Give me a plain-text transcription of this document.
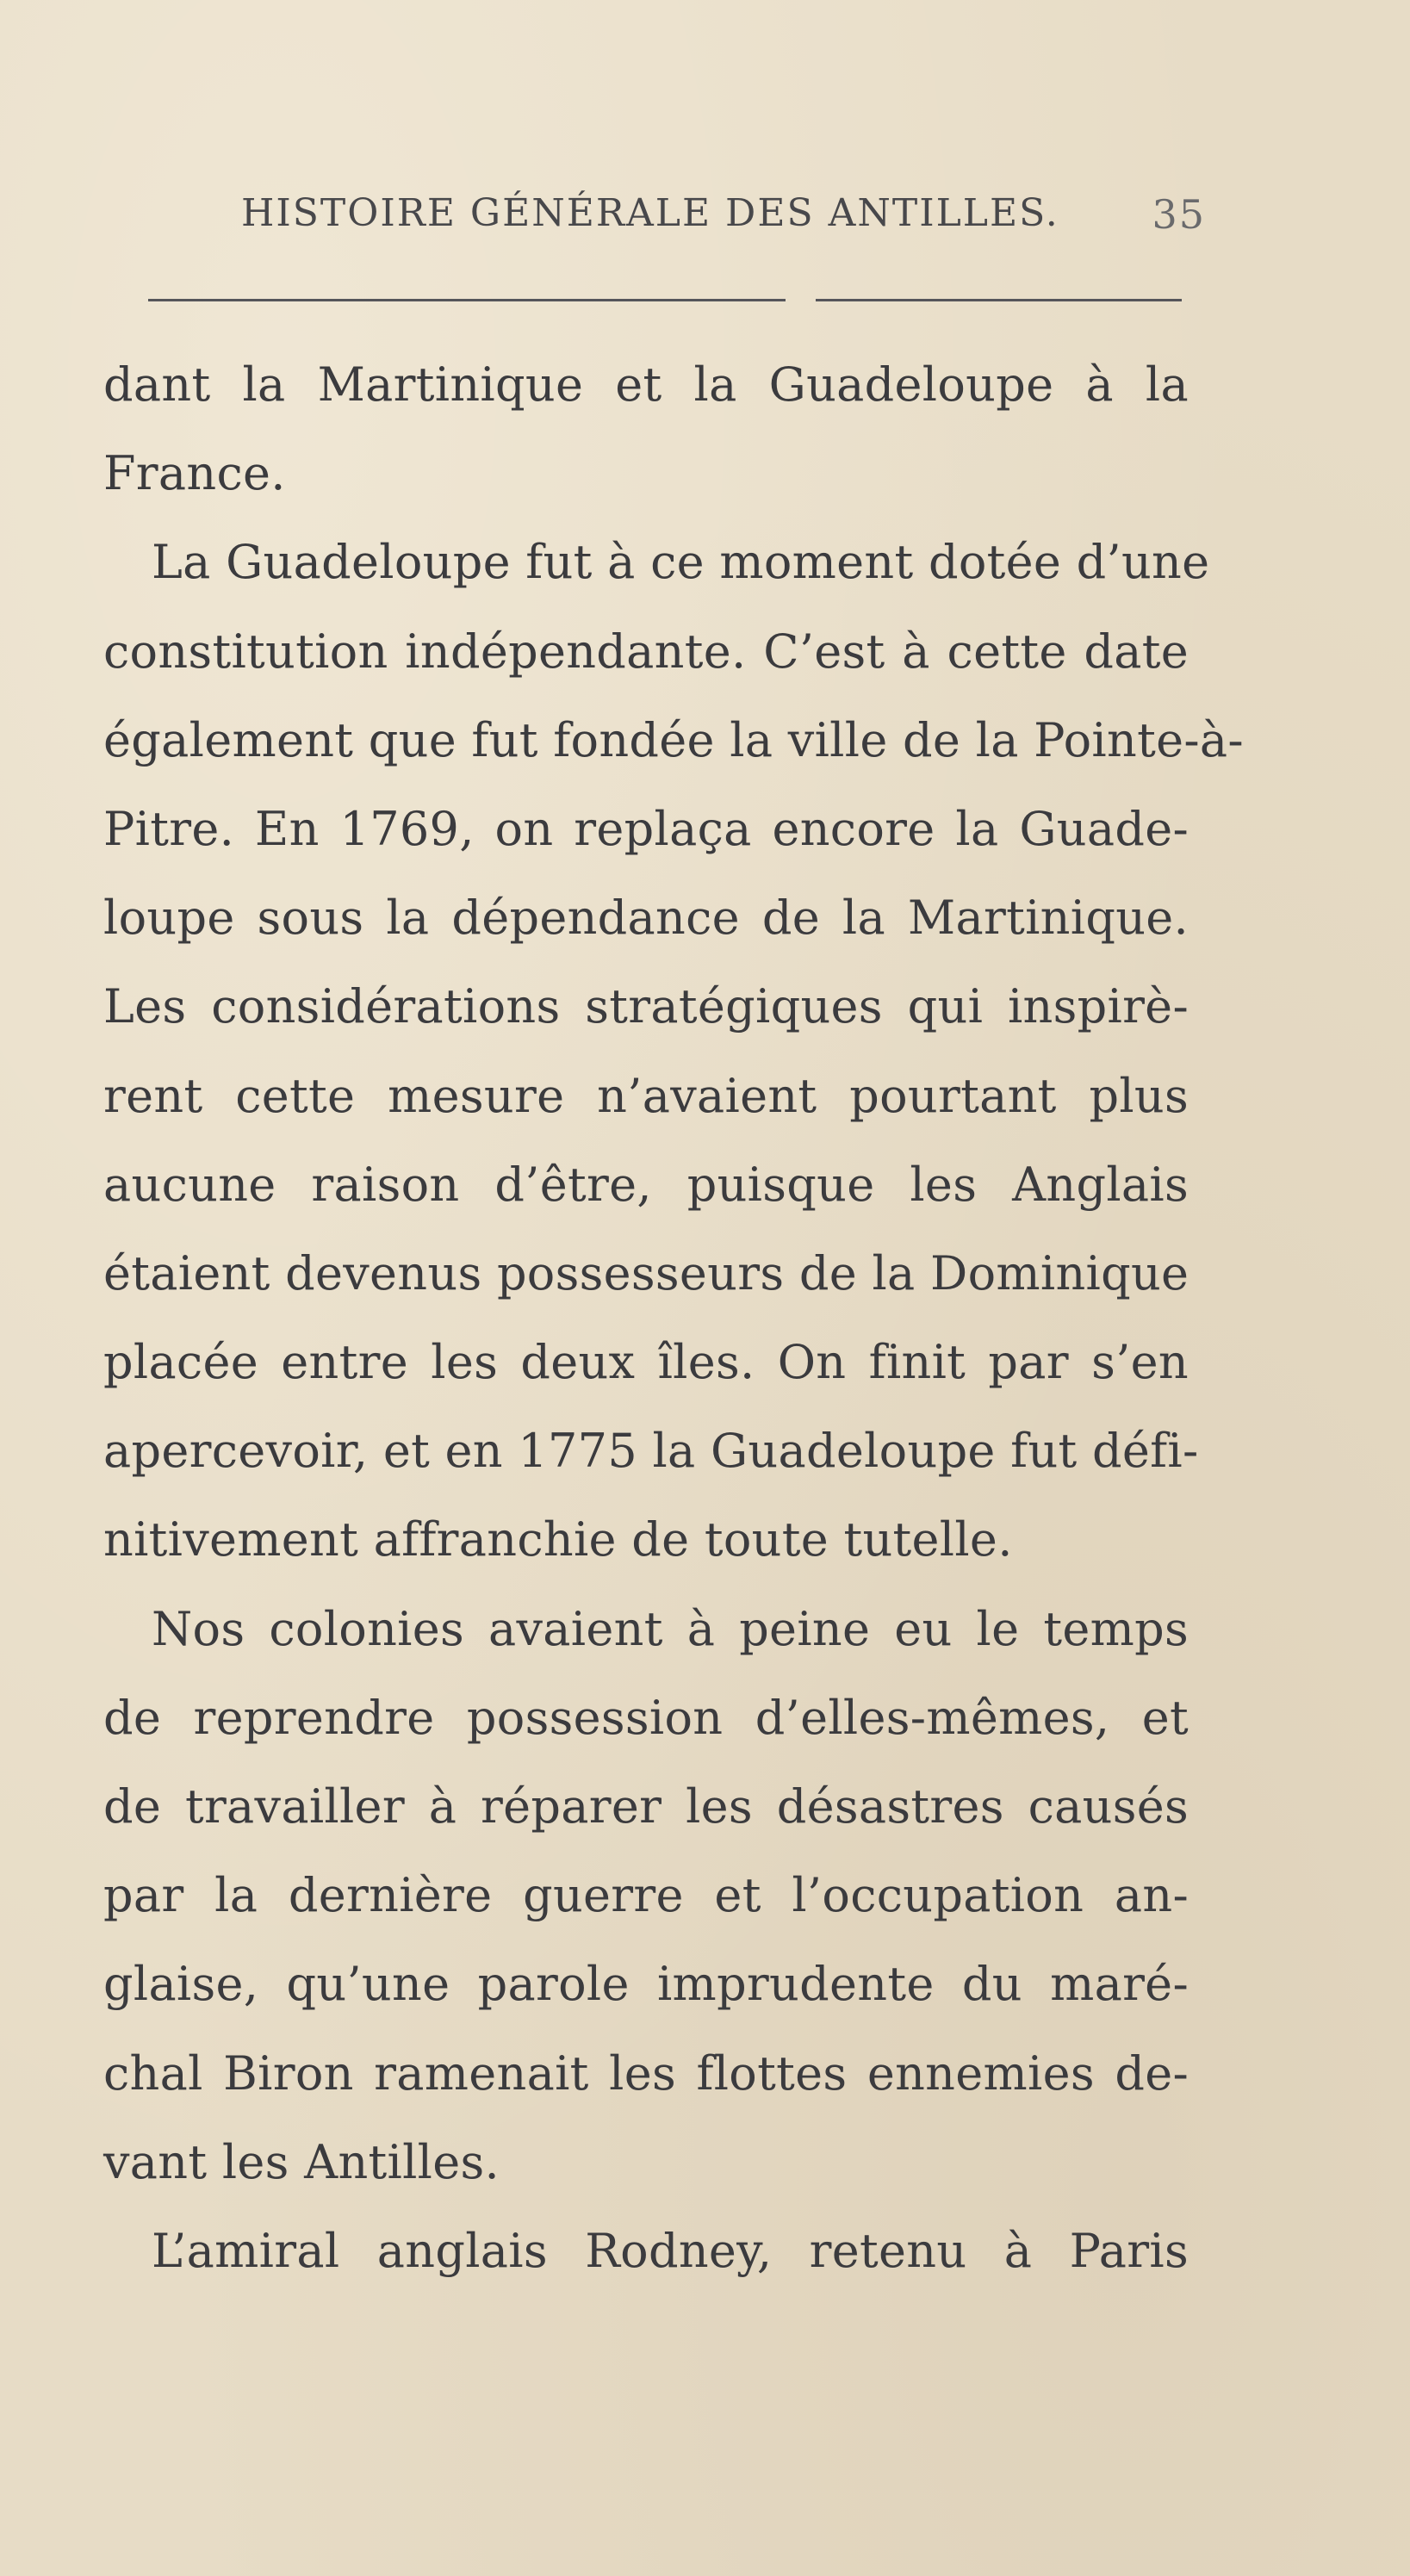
HISTOIRE GÉNÉRALE DES ANTILLES. 35
dant la Martinique et la Guadeloupe à la
France.
La Guadeloupe fut à ce moment dotée d’une
constitution indépendante. C’est à cette date
également que fut fondée la ville de la Pointe-à-
Pitre. En 1769, on replaça encore la Guade-
loupe sous la dépendance de la Martinique.
Les considérations stratégiques qui inspirè-
rent cette mesure n’avaient pourtant plus
aucune raison d’être, puisque les Anglais
étaient devenus possesseurs de la Dominique
placée entre les deux îles. On finit par s’en
apercevoir, et en 1775 la Guadeloupe fut défi-
nitivement affranchie de toute tutelle.
Nos colonies avaient à peine eu le temps
de reprendre possession d’elles-mêmes, et
de travailler à réparer les désastres causés
par la dernière guerre et l’occupation an-
glaise, qu’une parole imprudente du maré-
chal Biron ramenait les flottes ennemies de-
vant les Antilles.
L’amiral anglais Rodney, retenu à Paris
